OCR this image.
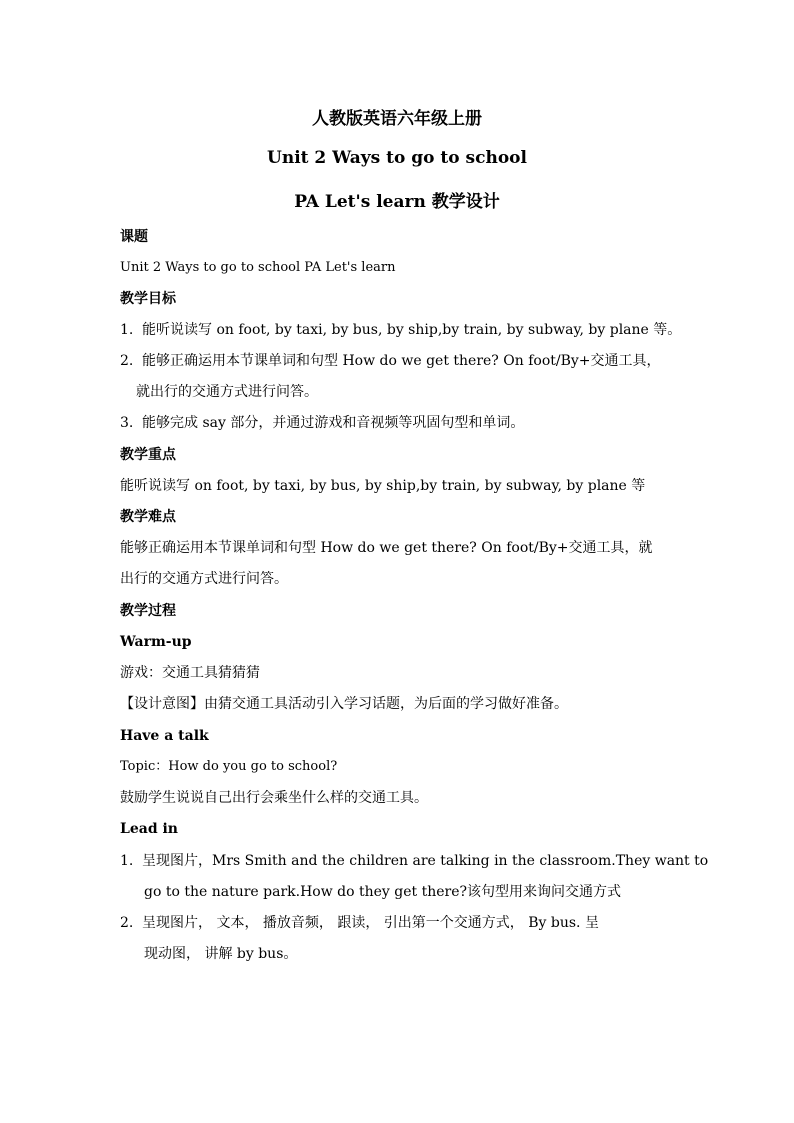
人教版英语六年级上册
Unit 2 Ways to go to school
PA Let's learn 教学设计
课题
Unit 2 Ways to go to school PA Let's learn
教学目标
1. 能听说读写 on foot, by taxi, by bus, by ship,by train, by subway, by plane 等。
2. 能够正确运用本节课单词和句型 How do we get there? On foot/By+交通工具，
就出行的交通方式进行问答。
3. 能够完成 say 部分，并通过游戏和音视频等巩固句型和单词。
教学重点
能听说读写 on foot, by taxi, by bus, by ship,by train, by subway, by plane 等
教学难点
能够正确运用本节课单词和句型 How do we get there? On foot/By+交通工具，就
出行的交通方式进行问答。
教学过程
Warm-up
游戏：交通工具猜猜猜
【设计意图】由猜交通工具活动引入学习话题，为后面的学习做好准备。
Have a talk
Topic：How do you go to school?
鼓励学生说说自己出行会乘坐什么样的交通工具。
Lead in
1. 呈现图片，Mrs Smith and the children are talking in the classroom.They want to
go to the nature park.How do they get there?该句型用来询问交通方式
2. 呈现图片， 文本， 播放音频， 跟读， 引出第一个交通方式， By bus. 呈
现动图， 讲解 by bus。
